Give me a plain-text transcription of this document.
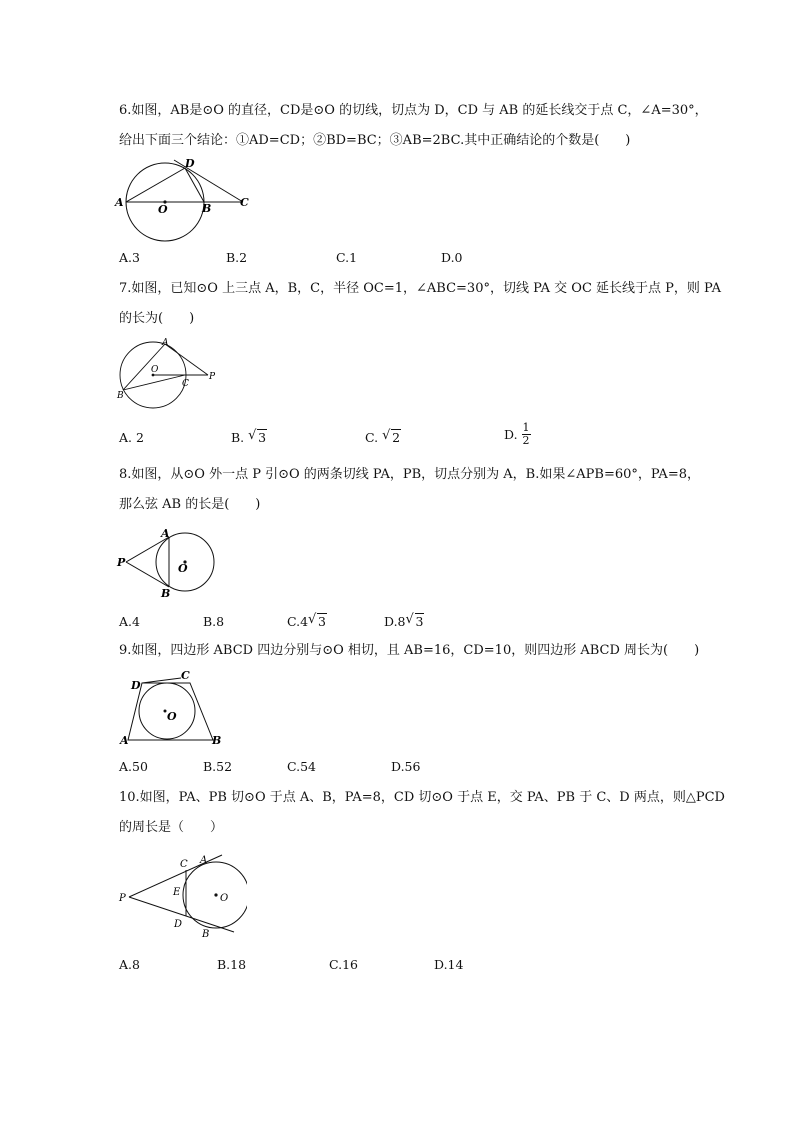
6.如图，AB是⊙O 的直径，CD是⊙O 的切线，切点为 D，CD 与 AB 的延长线交于点 C，∠A=30°，
给出下面三个结论：①AD=CD；②BD=BC；③AB=2BC.其中正确结论的个数是(　　)
A	B	C
D
O
A.3	B.2	C.1	D.0
7.如图，已知⊙O 上三点 A，B，C，半径 OC=1，∠ABC=30°，切线 PA 交 OC 延长线于点 P，则 PA
的长为(　　)
A
B
C
O
P
A. 2	B. √ 3	C. √ 2	D. $\frac{1}{2}$
8.如图，从⊙O 外一点 P 引⊙O 的两条切线 PA，PB，切点分别为 A，B.如果∠APB=60°，PA=8，
那么弦 AB 的长是(　　)
P
A
B
O
A.4	B.8	C.4 √ 3	D.8 √ 3
9.如图，四边形 ABCD 四边分别与⊙O 相切，且 AB=16，CD=10，则四边形 ABCD 周长为(　　)
A	B
C
D
O
A.50	B.52	C.54	D.56
10.如图，PA、PB 切⊙O 于点 A、B，PA=8，CD 切⊙O 于点 E，交 PA、PB 于 C、D 两点，则△PCD
的周长是（　　）
P
C A
E
D
B
O
A.8	B.18	C.16	D.14
